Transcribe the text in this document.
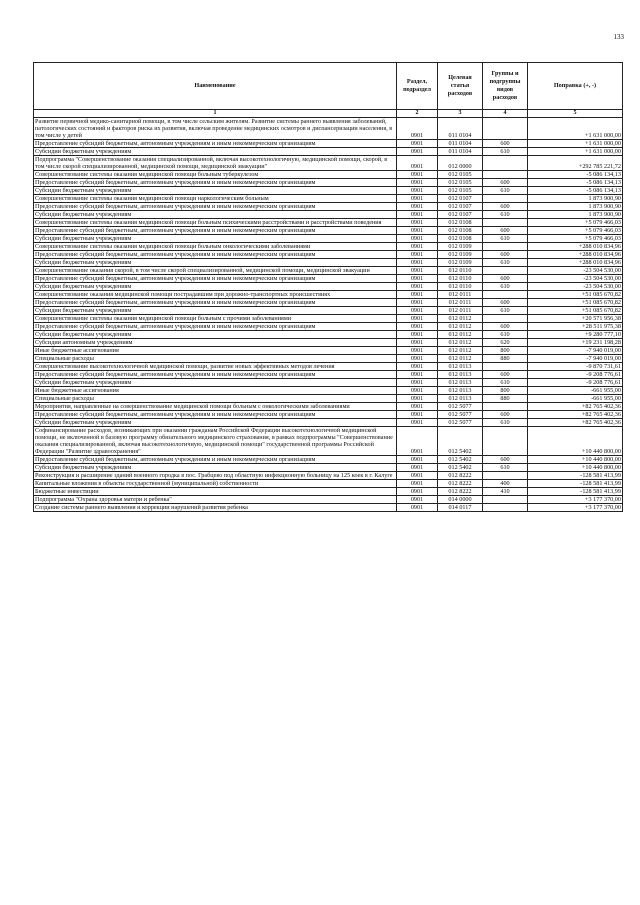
133
Наименование	Раздел, подраздел	Целевая статья расходов	Группы и подгруппы видов расходов	Поправка (+, -)
1	2	3	4	5
Развитие первичной медико-санитарной помощи, в том числе сельским жителям. Развитие системы раннего выявления заболеваний, патологических состояний и факторов риска их развития, включая проведение медицинских осмотров и диспансеризации населения, в том числе у детей	0901	011 0104		+1 631 000,00
Предоставление субсидий бюджетным, автономным учреждениям и иным некоммерческим организациям	0901	011 0104	600	+1 631 000,00
Субсидии бюджетным учреждениям	0901	011 0104	610	+1 631 000,00
Подпрограмма "Совершенствование оказания специализированной, включая высокотехнологичную, медицинской помощи, скорой, в том числе скорой специализированной, медицинской помощи, медицинской эвакуации"	0901	012 0000		+292 785 221,72
Совершенствование системы оказания медицинской помощи больным туберкулезом	0901	012 0105		-5 086 134,13
Предоставление субсидий бюджетным, автономным учреждениям и иным некоммерческим организациям	0901	012 0105	600	-5 086 134,13
Субсидии бюджетным учреждениям	0901	012 0105	610	-5 086 134,13
Совершенствование системы оказания медицинской помощи наркологическим больным	0901	012 0107		1 873 900,90
Предоставление субсидий бюджетным, автономным учреждениям и иным некоммерческим организациям	0901	012 0107	600	1 873 900,90
Субсидии бюджетным учреждениям	0901	012 0107	610	1 873 900,90
Совершенствование системы оказания медицинской помощи больным психическими расстройствами и расстройствами поведения	0901	012 0108		+5 079 466,03
Предоставление субсидий бюджетным, автономным учреждениям и иным некоммерческим организациям	0901	012 0108	600	+5 079 466,03
Субсидии бюджетным учреждениям	0901	012 0108	610	+5 079 466,03
Совершенствование системы оказания медицинской помощи больным онкологическими заболеваниями	0901	012 0109		+288 010 834,96
Предоставление субсидий бюджетным, автономным учреждениям и иным некоммерческим организациям	0901	012 0109	600	+288 010 834,96
Субсидии бюджетным учреждениям	0901	012 0109	610	+288 010 834,96
Совершенствование оказания скорой, в том числе скорой специализированной, медицинской помощи, медицинской эвакуации	0901	012 0110		-23 504 530,00
Предоставление субсидий бюджетным, автономным учреждениям и иным некоммерческим организациям	0901	012 0110	600	-23 504 530,00
Субсидии бюджетным учреждениям	0901	012 0110	610	-23 504 530,00
Совершенствование оказания медицинской помощи пострадавшим при дорожно-транспортных происшествиях	0901	012 0111		+51 085 670,82
Предоставление субсидий бюджетным, автономным учреждениям и иным некоммерческим организациям	0901	012 0111	600	+51 085 670,82
Субсидии бюджетным учреждениям	0901	012 0111	610	+51 085 670,82
Совершенствование системы оказания медицинской помощи больным с прочими заболеваниями	0901	012 0112		+20 571 956,38
Предоставление субсидий бюджетным, автономным учреждениям и иным некоммерческим организациям	0901	012 0112	600	+28 511 975,38
Субсидии бюджетным учреждениям	0901	012 0112	610	+9 280 777,10
Субсидии автономным учреждениям	0901	012 0112	620	+19 231 198,28
Иные бюджетные ассигнования	0901	012 0112	800	-7 940 019,00
Специальные расходы	0901	012 0112	880	-7 940 019,00
Совершенствование высокотехнологичной медицинской помощи, развитие новых эффективных методов лечения	0901	012 0113		-9 870 731,61
Предоставление субсидий бюджетным, автономным учреждениям и иным некоммерческим организациям	0901	012 0113	600	-9 208 776,61
Субсидии бюджетным учреждениям	0901	012 0113	610	-9 208 776,61
Иные бюджетные ассигнования	0901	012 0113	800	-661 955,00
Специальные расходы	0901	012 0113	880	-661 955,00
Мероприятия, направленные на совершенствование медицинской помощи больным с онкологическими заболеваниями	0901	012 5077		+82 765 402,36
Предоставление субсидий бюджетным, автономным учреждениям и иным некоммерческим организациям	0901	012 5077	600	+82 765 402,36
Субсидии бюджетным учреждениям	0901	012 5077	610	+82 765 402,36
Софинансирование расходов, возникающих при оказании гражданам Российской Федерации высокотехнологичной медицинской помощи, не включенной в базовую программу обязательного медицинского страхования, в рамках подпрограммы "Совершенствование оказания специализированной, включая высокотехнологичную, медицинской помощи" государственной программы Российской Федерации "Развитие здравоохранения"	0901	012 5402		+10 440 800,00
Предоставление субсидий бюджетным, автономным учреждениям и иным некоммерческим организациям	0901	012 5402	600	+10 440 800,00
Субсидии бюджетным учреждениям	0901	012 5402	610	+10 440 800,00
Реконструкция и расширение зданий военного городка в пос. Грабцево под областную инфекционную больницу на 125 коек в г. Калуге	0901	012 8222		-128 581 413,99
Капитальные вложения в объекты государственной (муниципальной) собственности	0901	012 8222	400	-128 581 413,99
Бюджетные инвестиции	0901	012 8222	410	-128 581 413,99
Подпрограмма "Охрана здоровья матери и ребенка"	0901	014 0000		+3 177 370,00
Создание системы раннего выявления и коррекции нарушений развития ребенка	0901	014 0117		+3 177 370,00
